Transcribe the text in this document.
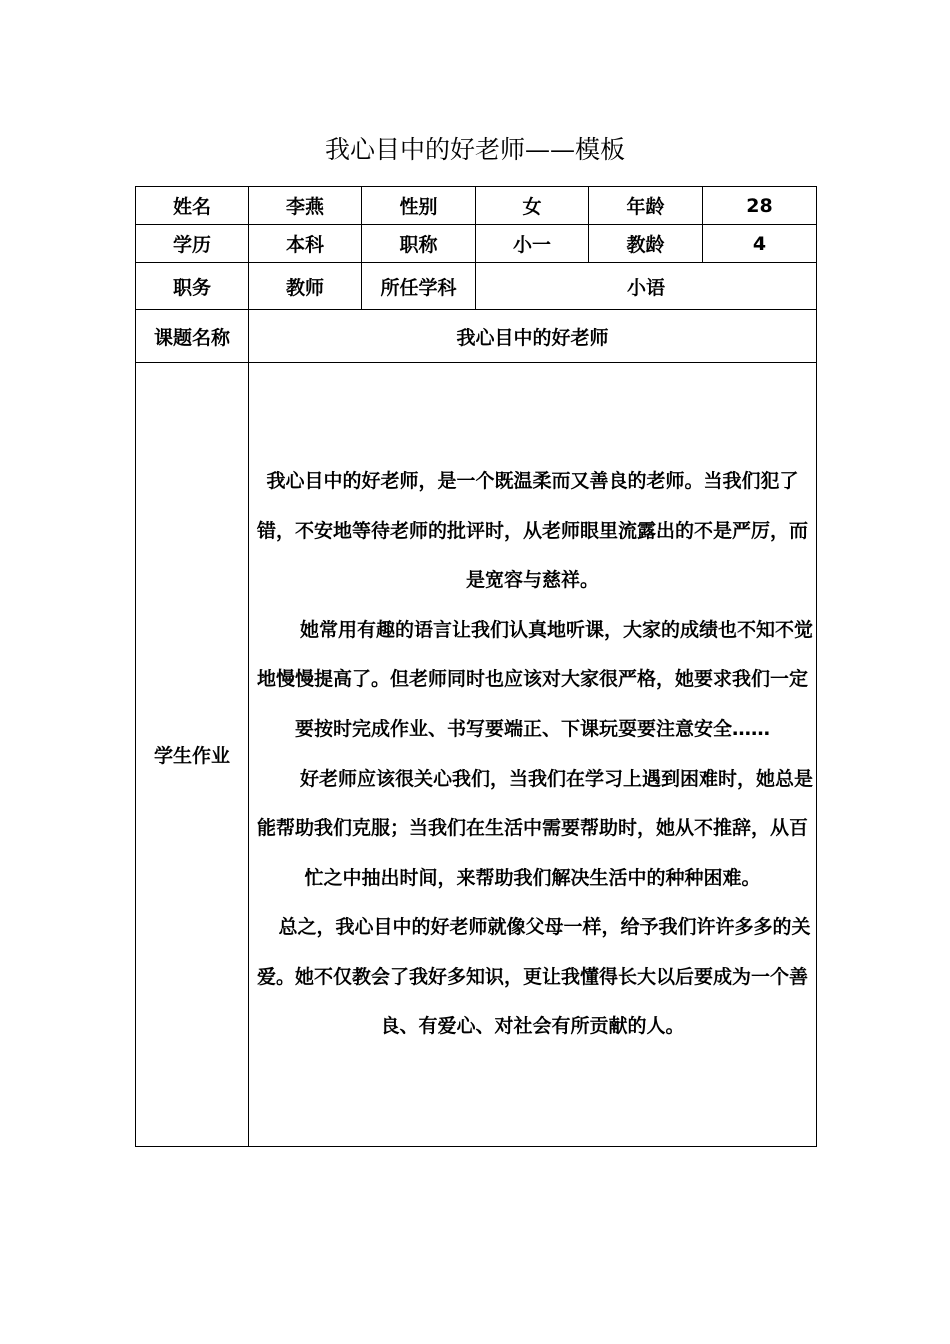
我心目中的好老师——模板
姓名	李燕	性别	女	年龄	28
学历	本科	职称	小一	教龄	4
职务	教师	所任学科	小语		
课题名称	我心目中的好老师				
学生作业	我心目中的好老师，是一个既温柔而又善良的老师。当我们犯了错，不安地等待老师的批评时，从老师眼里流露出的不是严厉，而是宽容与慈祥。

她常用有趣的语言让我们认真地听课，大家的成绩也不知不觉地慢慢提高了。但老师同时也应该对大家很严格，她要求我们一定要按时完成作业、书写要端正、下课玩耍要注意安全……

好老师应该很关心我们，当我们在学习上遇到困难时，她总是能帮助我们克服；当我们在生活中需要帮助时，她从不推辞，从百忙之中抽出时间，来帮助我们解决生活中的种种困难。

总之，我心目中的好老师就像父母一样，给予我们许许多多的关爱。她不仅教会了我好多知识，更让我懂得长大以后要成为一个善良、有爱心、对社会有所贡献的人。				
